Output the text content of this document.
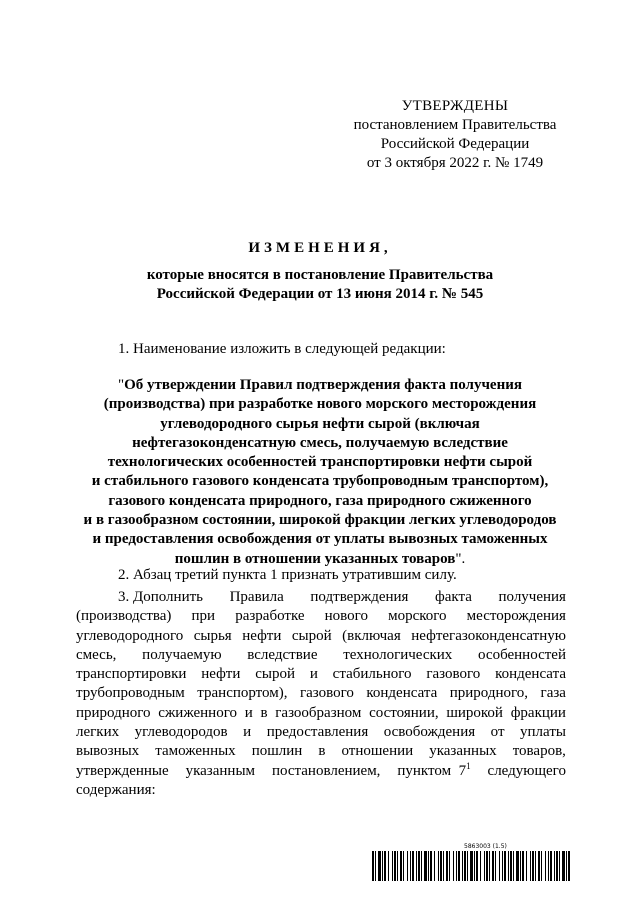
УТВЕРЖДЕНЫ
постановлением Правительства
Российской Федерации
от 3 октября 2022 г. № 1749
ИЗМЕНЕНИЯ,
которые вносятся в постановление Правительства
Российской Федерации от 13 июня 2014 г. № 545
1. Наименование изложить в следующей редакции:
"Об утверждении Правил подтверждения факта получения
(производства) при разработке нового морского месторождения
углеводородного сырья нефти сырой (включая
нефтегазоконденсатную смесь, получаемую вследствие
технологических особенностей транспортировки нефти сырой
и стабильного газового конденсата трубопроводным транспортом),
газового конденсата природного, газа природного сжиженного
и в газообразном состоянии, широкой фракции легких углеводородов
и предоставления освобождения от уплаты вывозных таможенных
пошлин в отношении указанных товаров".
2. Абзац третий пункта 1 признать утратившим силу.
3. Дополнить Правила подтверждения факта получения
(производства) при разработке нового морского месторождения
углеводородного сырья нефти сырой (включая нефтегазоконденсатную
смесь, получаемую вследствие технологических особенностей
транспортировки нефти сырой и стабильного газового конденсата
трубопроводным транспортом), газового конденсата природного, газа
природного сжиженного и в газообразном состоянии, широкой фракции
легких углеводородов и предоставления освобождения от уплаты
вывозных таможенных пошлин в отношении указанных товаров,
утвержденные указанным постановлением, пунктом $7^1$ следующего
содержания:
5863003 (1.5)
